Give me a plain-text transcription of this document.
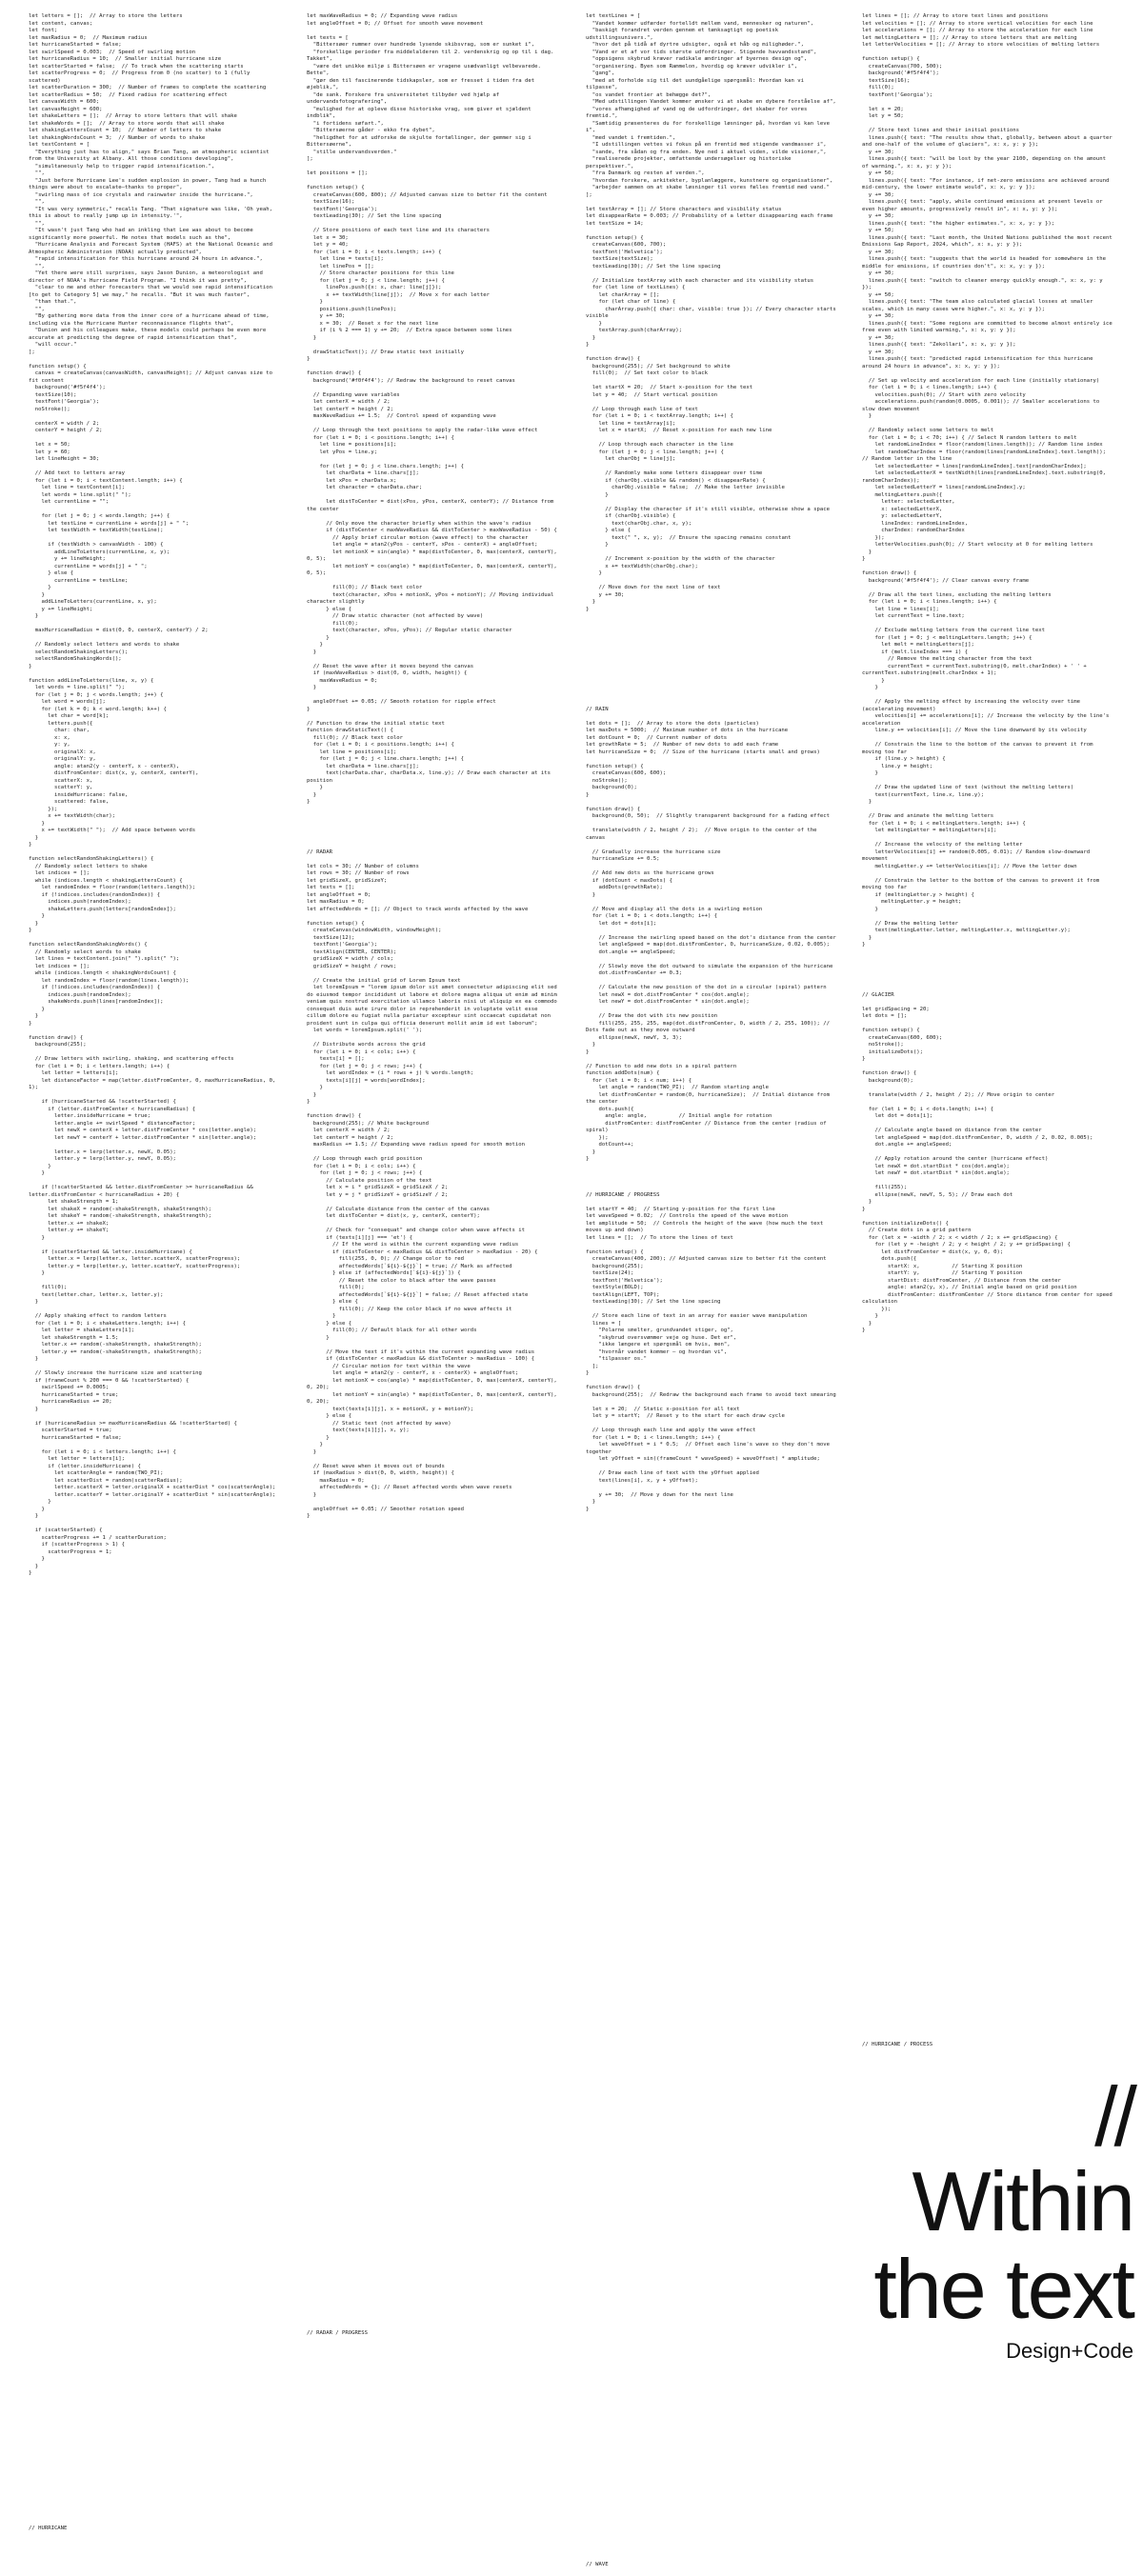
let letters = [];  // Array to store the letters
let content, canvas;
let font;
let maxRadius = 0;  // Maximum radius
let hurricaneStarted = false;
let swirlSpeed = 0.003;  // Speed of swirling motion
let hurricaneRadius = 10;  // Smaller initial hurricane size
let scatterStarted = false;  // To track when the scattering starts
let scatterProgress = 0;  // Progress from 0 (no scatter) to 1 (fully scattered)
let scatterDuration = 300;  // Number of frames to complete the scattering
let scatterRadius = 50;  // Fixed radius for scattering effect
let canvasWidth = 600;
let canvasHeight = 600;
let shakeLetters = [];  // Array to store letters that will shake
let shakeWords = [];  // Array to store words that will shake
let shakingLettersCount = 10;  // Number of letters to shake
let shakingWordsCount = 3;  // Number of words to shake
let textContent = [
"Everything just has to align," says Brian Tang, an atmospheric scientist from the University at Albany. All those conditions developing",
"simultaneously help to trigger rapid intensification.",
"",
"Just before Hurricane Lee's sudden explosion in power, Tang had a hunch things were about to escalate—thanks to proper",
"swirling mass of ice crystals and rainwater inside the hurricane.",
"",
"It was very symmetric," recalls Tang. "That signature was like, 'Oh yeah, this is about to really jump up in intensity.'",
"",
"It wasn't just Tang who had an inkling that Lee was about to become significantly more powerful. He notes that models such as the",
"Hurricane Analysis and Forecast System (HAFS) at the National Oceanic and Atmospheric Administration (NOAA) actually predicted",
"rapid intensification for this hurricane around 24 hours in advance.",
"",
"Yet there were still surprises, says Jason Dunion, a meteorologist and director of NOAA's Hurricane Field Program. "I think it was pretty",
"clear to me and other forecasters that we would see rapid intensification [to get to Category 5] we may," he recalls. "But it was much faster",
"than that.",
"",
"By gathering more data from the inner core of a hurricane ahead of time, including via the Hurricane Hunter reconnaissance flights that",
"Dunion and his colleagues make, these models could perhaps be even more accurate at predicting the degree of rapid intensification that",
"will occur."
];

function setup() {
canvas = createCanvas(canvasWidth, canvasHeight); // Adjust canvas size to fit content
background('#f5f4f4');
textSize(10);
textFont('Georgia');
noStroke();

centerX = width / 2;
centerY = height / 2;

let x = 50;
let y = 60;
let lineHeight = 30;

// Add text to letters array
for (let i = 0; i < textContent.length; i++) {
let line = textContent[i];
let words = line.split(" ");
let currentLine = "";

for (let j = 0; j < words.length; j++) {
let testLine = currentLine + words[j] + " ";
let testWidth = textWidth(testLine);

if (testWidth > canvasWidth - 100) {
addLineToLetters(currentLine, x, y);
y += lineHeight;
currentLine = words[j] + " ";
} else {
currentLine = testLine;
}
}
addLineToLetters(currentLine, x, y);
y += lineHeight;
}

maxHurricaneRadius = dist(0, 0, centerX, centerY) / 2;

// Randomly select letters and words to shake
selectRandomShakingLetters();
selectRandomShakingWords();
}

function addLineToLetters(line, x, y) {
let words = line.split(" ");
for (let j = 0; j < words.length; j++) {
let word = words[j];
for (let k = 0; k < word.length; k++) {
let char = word[k];
letters.push({
char: char,
x: x,
y: y,
originalX: x,
originalY: y,
angle: atan2(y - centerY, x - centerX),
distFromCenter: dist(x, y, centerX, centerY),
scatterX: x,
scatterY: y,
insideHurricane: false,
scattered: false,
});
x += textWidth(char);
}
x += textWidth(" ");  // Add space between words
}
}

function selectRandomShakingLetters() {
// Randomly select letters to shake
let indices = [];
while (indices.length < shakingLettersCount) {
let randomIndex = floor(random(letters.length));
if (!indices.includes(randomIndex)) {
indices.push(randomIndex);
shakeLetters.push(letters[randomIndex]);
}
}
}

function selectRandomShakingWords() {
// Randomly select words to shake
let lines = textContent.join(" ").split(" ");
let indices = [];
while (indices.length < shakingWordsCount) {
let randomIndex = floor(random(lines.length));
if (!indices.includes(randomIndex)) {
indices.push(randomIndex);
shakeWords.push(lines[randomIndex]);
}
}
}

function draw() {
background(255);

// Draw letters with swirling, shaking, and scattering effects
for (let i = 0; i < letters.length; i++) {
let letter = letters[i];
let distanceFactor = map(letter.distFromCenter, 0, maxHurricaneRadius, 0, 1);

if (hurricaneStarted && !scatterStarted) {
if (letter.distFromCenter < hurricaneRadius) {
letter.insideHurricane = true;
letter.angle += swirlSpeed * distanceFactor;
let newX = centerX + letter.distFromCenter * cos(letter.angle);
let newY = centerY + letter.distFromCenter * sin(letter.angle);

letter.x = lerp(letter.x, newX, 0.05);
letter.y = lerp(letter.y, newY, 0.05);
}
}

if (!scatterStarted && letter.distFromCenter >= hurricaneRadius && letter.distFromCenter < hurricaneRadius + 20) {
let shakeStrength = 1;
let shakeX = random(-shakeStrength, shakeStrength);
let shakeY = random(-shakeStrength, shakeStrength);
letter.x += shakeX;
letter.y += shakeY;
}

if (scatterStarted && letter.insideHurricane) {
letter.x = lerp(letter.x, letter.scatterX, scatterProgress);
letter.y = lerp(letter.y, letter.scatterY, scatterProgress);
}

fill(0);
text(letter.char, letter.x, letter.y);
}

// Apply shaking effect to random letters
for (let i = 0; i < shakeLetters.length; i++) {
let letter = shakeLetters[i];
let shakeStrength = 1.5;
letter.x += random(-shakeStrength, shakeStrength);
letter.y += random(-shakeStrength, shakeStrength);
}

// Slowly increase the hurricane size and scattering
if (frameCount % 200 === 0 && !scatterStarted) {
swirlSpeed += 0.0005;
hurricaneStarted = true;
hurricaneRadius += 20;
}

if (hurricaneRadius >= maxHurricaneRadius && !scatterStarted) {
scatterStarted = true;
hurricaneStarted = false;

for (let i = 0; i < letters.length; i++) {
let letter = letters[i];
if (letter.insideHurricane) {
let scatterAngle = random(TWO_PI);
let scatterDist = random(scatterRadius);
letter.scatterX = letter.originalX + scatterDist * cos(scatterAngle);
letter.scatterY = letter.originalY + scatterDist * sin(scatterAngle);
}
}
}

if (scatterStarted) {
scatterProgress += 1 / scatterDuration;
if (scatterProgress > 1) {
scatterProgress = 1;
}
}
}
let maxWaveRadius = 0; // Expanding wave radius
let angleOffset = 0; // Offset for smooth wave movement

let texts = [
"Bittersøer rummer over hundrede lysende skibsvrag, som er sunket i",
"forskellige perioder fra middelalderen til 2. verdenskrig og op til i dag. Takket",
"være det unikke miljø i Bittersøen er vragene usædvanligt velbevarede. Bette",
"gør den til fascinerende tidskapsler, som er fresset i tiden fra det øjeblik,",
"de sank. Forskere fra universitetet tilbyder ved hjælp af undervandsfotografering",
"mulighed for at opleve disse historiske vrag, som giver et sjældent indblik",
"i fortidens søfart.",
"Bittersøerne gåder - ekko fra dybet",
"heligdhet for at udforske de skjulte fortællinger, der gemmer sig i Bittersøerne",
"stille undervandsverden."
];

let positions = [];

function setup() {
createCanvas(600, 800); // Adjusted canvas size to better fit the content
textSize(16);
textFont('Georgia');
textLeading(30); // Set the line spacing

// Store positions of each text line and its characters
let x = 30;
let y = 40;
for (let i = 0; i < texts.length; i++) {
let line = texts[i];
let linePos = [];
// Store character positions for this line
for (let j = 0; j < line.length; j++) {
linePos.push({x: x, char: line[j]});
x += textWidth(line[j]);  // Move x for each letter
}
positions.push(linePos);
y += 30;
x = 30;  // Reset x for the next line
if (i % 2 === 1) y += 20;  // Extra space between some lines
}

drawStaticText(); // Draw static text initially
}

function draw() {
background('#f0f4f4'); // Redraw the background to reset canvas

// Expanding wave variables
let centerX = width / 2;
let centerY = height / 2;
maxWaveRadius += 1.5;  // Control speed of expanding wave

// Loop through the text positions to apply the radar-like wave effect
for (let i = 0; i < positions.length; i++) {
let line = positions[i];
let yPos = line.y;

for (let j = 0; j < line.chars.length; j++) {
let charData = line.chars[j];
let xPos = charData.x;
let character = charData.char;

let distToCenter = dist(xPos, yPos, centerX, centerY); // Distance from the center

// Only move the character briefly when within the wave's radius
if (distToCenter < maxWaveRadius && distToCenter > maxWaveRadius - 50) {
// Apply brief circular motion (wave effect) to the character
let angle = atan2(yPos - centerY, xPos - centerX) + angleOffset;
let motionX = sin(angle) * map(distToCenter, 0, max(centerX, centerY), 0, 5);
let motionY = cos(angle) * map(distToCenter, 0, max(centerX, centerY), 0, 5);

fill(0); // Black text color
text(character, xPos + motionX, yPos + motionY); // Moving individual character slightly
} else {
// Draw static character (not affected by wave)
fill(0);
text(character, xPos, yPos); // Regular static character
}
}
}

// Reset the wave after it moves beyond the canvas
if (maxWaveRadius > dist(0, 0, width, height)) {
maxWaveRadius = 0;
}

angleOffset += 0.05; // Smooth rotation for ripple effect
}

// Function to draw the initial static text
function drawStaticText() {
fill(0); // Black text color
for (let i = 0; i < positions.length; i++) {
let line = positions[i];
for (let j = 0; j < line.chars.length; j++) {
let charData = line.chars[j];
text(charData.char, charData.x, line.y); // Draw each character at its position
}
}
}

// RADAR

let cols = 30; // Number of columns
let rows = 30; // Number of rows
let gridSizeX, gridSizeY;
let texts = [];
let angleOffset = 0;
let maxRadius = 0;
let affectedWords = []; // Object to track words affected by the wave

function setup() {
createCanvas(windowWidth, windowHeight);
textSize(12);
textFont('Georgia');
textAlign(CENTER, CENTER);
gridSizeX = width / cols;
gridSizeY = height / rows;

// Create the initial grid of Lorem Ipsum text
let loremIpsum = "lorem ipsum dolor sit amet consectetur adipiscing elit sed do eiusmod tempor incididunt ut labore et dolore magna aliqua ut enim ad minim veniam quis nostrud exercitation ullamco laboris nisi ut aliquip ex ea commodo consequat duis aute irure dolor in reprehenderit in voluptate velit esse cillum dolore eu fugiat nulla pariatur excepteur sint occaecat cupidatat non proident sunt in culpa qui officia deserunt mollit anim id est laborum";
let words = loremIpsum.split(' ');

// Distribute words across the grid
for (let i = 0; i < cols; i++) {
texts[i] = [];
for (let j = 0; j < rows; j++) {
let wordIndex = (i * rows + j) % words.length;
texts[i][j] = words[wordIndex];
}
}
}

function draw() {
background(255); // White background
let centerX = width / 2;
let centerY = height / 2;
maxRadius += 1.5; // Expanding wave radius speed for smooth motion

// Loop through each grid position
for (let i = 0; i < cols; i++) {
for (let j = 0; j < rows; j++) {
// Calculate position of the text
let x = i * gridSizeX + gridSizeX / 2;
let y = j * gridSizeY + gridSizeY / 2;

// Calculate distance from the center of the canvas
let distToCenter = dist(x, y, centerX, centerY);

// Check for "consequat" and change color when wave affects it
if (texts[i][j] === 'et') {
// If the word is within the current expanding wave radius
if (distToCenter < maxRadius && distToCenter > maxRadius - 20) {
fill(255, 0, 0); // Change color to red
affectedWords[`${i}-${j}`] = true; // Mark as affected
} else if (affectedWords[`${i}-${j}`]) {
// Reset the color to black after the wave passes
fill(0);
affectedWords[`${i}-${j}`] = false; // Reset affected state
} else {
fill(0); // Keep the color black if no wave affects it
}
} else {
fill(0); // Default black for all other words
}

// Move the text if it's within the current expanding wave radius
if (distToCenter < maxRadius && distToCenter > maxRadius - 100) {
// Circular motion for text within the wave
let angle = atan2(y - centerY, x - centerX) + angleOffset;
let motionX = cos(angle) * map(distToCenter, 0, max(centerX, centerY), 0, 20);
let motionY = sin(angle) * map(distToCenter, 0, max(centerX, centerY), 0, 20);
text(texts[i][j], x + motionX, y + motionY);
} else {
// Static text (not affected by wave)
text(texts[i][j], x, y);
}
}
}

// Reset wave when it moves out of bounds
if (maxRadius > dist(0, 0, width, height)) {
maxRadius = 0;
affectedWords = {}; // Reset affected words when wave resets
}

angleOffset += 0.05; // Smoother rotation speed
}
let textLines = [
"Vandet kommer udfærder fortelldt mellem vand, mennesker og naturen",
"baskigt forandret verden gennem et tænksagtigt og poetisk udstillingsunivers.",
"hvor det på tidå af dyrtre udsigter, også et håb og milighøder.",
"Vand er et af vor tids største udfordringer. Stigende havvandsstand",
"oppsigens skybrud kræver radikale ændringer af byernes design og",
"organisering. Byen som Rammelon, hvordig og kræver udvikler i",
"gang",
"med at forholde sig til det uundgåelige spørgsmål: Hvordan kan vi tilpasse",
"os vandet frontier at behægge det?",
"Med udstillingen Vandet kommer ønsker vi at skabe en dybere forståelse af",
"vores afhængighed af vand og de udfordringer, det skaber for vores fremtid.",
"Samtidig præsenteres du for forskellige løsninger på, hvordan vi kan leve i",
"med vandet i fremtiden.",
"I udstillingen vettes vi fokus på en frentid med stigende vandmasser i",
"sande, fra sådan og fra enden. Nye ned i aktuel viden, vilde visioner,",
"realiserede projekter, omfattende undersøgelser og historiske perspektiver.",
"fra Danmark og resten af verden.",
"hvordan forskere, arkitekter, byplanlæggere, kunstnere og organisationer",
"arbejder sammen om at skabe løsninger til vores fælles fremtid med vand."
];

let textArray = []; // Store characters and visibility status
let disappearRate = 0.003; // Probability of a letter disappearing each frame
let textSize = 14;

function setup() {
createCanvas(600, 700);
textFont('Helvetica');
textSize(textSize);
textLeading(30); // Set the line spacing

// Initialize textArray with each character and its visibility status
for (let line of textLines) {
let charArray = [];
for (let char of line) {
charArray.push({ char: char, visible: true }); // Every character starts visible
}
textArray.push(charArray);
}
}

function draw() {
background(255); // Set background to white
fill(0);  // Set text color to black

let startX = 20;  // Start x-position for the text
let y = 40;  // Start vertical position

// Loop through each line of text
for (let i = 0; i < textArray.length; i++) {
let line = textArray[i];
let x = startX;  // Reset x-position for each new line

// Loop through each character in the line
for (let j = 0; j < line.length; j++) {
let charObj = line[j];

// Randomly make some letters disappear over time
if (charObj.visible && random() < disappearRate) {
charObj.visible = false;  // Make the letter invisible
}

// Display the character if it's still visible, otherwise show a space
if (charObj.visible) {
text(charObj.char, x, y);
} else {
text(" ", x, y);  // Ensure the spacing remains constant
}

// Increment x-position by the width of the character
x += textWidth(charObj.char);
}

// Move down for the next line of text
y += 30;
}
}

// RAIN

let dots = [];  // Array to store the dots (particles)
let maxDots = 5000;  // Maximum number of dots in the hurricane
let dotCount = 0;  // Current number of dots
let growthRate = 5;  // Number of new dots to add each frame
let hurricaneSize = 0;  // Size of the hurricane (starts small and grows)

function setup() {
createCanvas(600, 600);
noStroke();
background(0);
}

function draw() {
background(0, 50);  // Slightly transparent background for a fading effect

translate(width / 2, height / 2);  // Move origin to the center of the canvas

// Gradually increase the hurricane size
hurricaneSize += 0.5;

// Add new dots as the hurricane grows
if (dotCount < maxDots) {
addDots(growthRate);
}

// Move and display all the dots in a swirling motion
for (let i = 0; i < dots.length; i++) {
let dot = dots[i];

// Increase the swirling speed based on the dot's distance from the center
let angleSpeed = map(dot.distFromCenter, 0, hurricaneSize, 0.02, 0.005);
dot.angle += angleSpeed;

// Slowly move the dot outward to simulate the expansion of the hurricane
dot.distFromCenter += 0.3;

// Calculate the new position of the dot in a circular (spiral) pattern
let newX = dot.distFromCenter * cos(dot.angle);
let newY = dot.distFromCenter * sin(dot.angle);

// Draw the dot with its new position
fill(255, 255, 255, map(dot.distFromCenter, 0, width / 2, 255, 100)); // Dots fade out as they move outward
ellipse(newX, newY, 3, 3);
}
}

// Function to add new dots in a spiral pattern
function addDots(num) {
for (let i = 0; i < num; i++) {
let angle = random(TWO_PI);  // Random starting angle
let distFromCenter = random(0, hurricaneSize);  // Initial distance from the center
dots.push({
angle: angle,          // Initial angle for rotation
distFromCenter: distFromCenter // Distance from the center (radius of spiral)
});
dotCount++;
}
}

// HURRICANE / PROGRESS

let startY = 40;  // Starting y-position for the first line
let waveSpeed = 0.02;  // Controls the speed of the wave motion
let amplitude = 50;  // Controls the height of the wave (how much the text moves up and down)
let lines = [];  // To store the lines of text

function setup() {
createCanvas(400, 200); // Adjusted canvas size to better fit the content
background(255);
textSize(24);
textFont('Helvetica');
textStyle(BOLD);
textAlign(LEFT, TOP);
textLeading(30); // Set the line spacing

// Store each line of text in an array for easier wave manipulation
lines = [
"Polarne smelter, grundvandet stiger, og",
"skybrud oversvømmer veje og huse. Det er",
"ikke længere et spørgsmål om hvis, men",
"hvornår vandet kommer – og hvordan vi",
"tilpasser os."
];
}

function draw() {
background(255);  // Redraw the background each frame to avoid text smearing

let x = 20;  // Static x-position for all text
let y = startY;  // Reset y to the start for each draw cycle

// Loop through each line and apply the wave effect
for (let i = 0; i < lines.length; i++) {
let waveOffset = i * 0.5;  // Offset each line's wave so they don't move together
let yOffset = sin((frameCount * waveSpeed) + waveOffset) * amplitude;

// Draw each line of text with the yOffset applied
text(lines[i], x, y + yOffset);

y += 30;  // Move y down for the next line
}
}
let lines = []; // Array to store text lines and positions
let velocities = []; // Array to store vertical velocities for each line
let accelerations = []; // Array to store the acceleration for each line
let meltingLetters = []; // Array to store letters that are melting
let letterVelocities = []; // Array to store velocities of melting letters

function setup() {
createCanvas(700, 500);
background('#f5f4f4');
textSize(16);
fill(0);
textFont('Georgia');

let x = 20;
let y = 50;

// Store text lines and their initial positions
lines.push({ text: "The results show that, globally, between about a quarter and one-half of the volume of glaciers", x: x, y: y });
y += 30;
lines.push({ text: "will be lost by the year 2100, depending on the amount of warming.", x: x, y: y });
y += 50;
lines.push({ text: "For instance, if net-zero emissions are achieved around mid-century, the lower estimate would", x: x, y: y });
y += 30;
lines.push({ text: "apply, while continued emissions at present levels or even higher amounts, progressively result in", x: x, y: y });
y += 30;
lines.push({ text: "the higher estimates.", x: x, y: y });
y += 50;
lines.push({ text: "Last month, the United Nations published the most recent Emissions Gap Report, 2024, which", x: x, y: y });
y += 30;
lines.push({ text: "suggests that the world is headed for somewhere in the middle for emissions, if countries don't", x: x, y: y });
y += 30;
lines.push({ text: "switch to cleaner energy quickly enough.", x: x, y: y });
y += 50;
lines.push({ text: "The team also calculated glacial losses at smaller scales, which in many cases were higher.", x: x, y: y });
y += 30;
lines.push({ text: "Some regions are committed to become almost entirely ice free even with limited warming,", x: x, y: y });
y += 30;
lines.push({ text: "Zekollari", x: x, y: y });
y += 30;
lines.push({ text: "predicted rapid intensification for this hurricane around 24 hours in advance", x: x, y: y });

// Set up velocity and acceleration for each line (initially stationary)
for (let i = 0; i < lines.length; i++) {
velocities.push(0); // Start with zero velocity
accelerations.push(random(0.0005, 0.001)); // Smaller accelerations to slow down movement
}

// Randomly select some letters to melt
for (let i = 0; i < 70; i++) { // Select N random letters to melt
let randomLineIndex = floor(random(lines.length)); // Random line index
let randomCharIndex = floor(random(lines[randomLineIndex].text.length)); // Random letter in the line
let selectedLetter = lines[randomLineIndex].text[randomCharIndex];
let selectedLetterX = textWidth(lines[randomLineIndex].text.substring(0, randomCharIndex));
let selectedLetterY = lines[randomLineIndex].y;
meltingLetters.push({
letter: selectedLetter,
x: selectedLetterX,
y: selectedLetterY,
lineIndex: randomLineIndex,
charIndex: randomCharIndex
});
letterVelocities.push(0); // Start velocity at 0 for melting letters
}
}

function draw() {
background('#f5f4f4'); // Clear canvas every frame

// Draw all the text lines, excluding the melting letters
for (let i = 0; i < lines.length; i++) {
let line = lines[i];
let currentText = line.text;

// Exclude melting letters from the current line text
for (let j = 0; j < meltingLetters.length; j++) {
let melt = meltingLetters[j];
if (melt.lineIndex === i) {
// Remove the melting character from the text
currentText = currentText.substring(0, melt.charIndex) + ' ' + currentText.substring(melt.charIndex + 1);
}
}

// Apply the melting effect by increasing the velocity over time (accelerating movement)
velocities[i] += accelerations[i]; // Increase the velocity by the line's acceleration
line.y += velocities[i]; // Move the line downward by its velocity

// Constrain the line to the bottom of the canvas to prevent it from moving too far
if (line.y > height) {
line.y = height;
}

// Draw the updated line of text (without the melting letters)
text(currentText, line.x, line.y);
}

// Draw and animate the melting letters
for (let i = 0; i < meltingLetters.length; i++) {
let meltingLetter = meltingLetters[i];

// Increase the velocity of the melting letter
letterVelocities[i] += random(0.005, 0.01); // Random slow-downward movement
meltingLetter.y += letterVelocities[i]; // Move the letter down

// Constrain the letter to the bottom of the canvas to prevent it from moving too far
if (meltingLetter.y > height) {
meltingLetter.y = height;
}

// Draw the melting letter
text(meltingLetter.letter, meltingLetter.x, meltingLetter.y);
}
}

// GLACIER

let gridSpacing = 20;
let dots = [];

function setup() {
createCanvas(600, 600);
noStroke();
initializeDots();
}

function draw() {
background(0);

translate(width / 2, height / 2); // Move origin to center

for (let i = 0; i < dots.length; i++) {
let dot = dots[i];

// Calculate angle based on distance from the center
let angleSpeed = map(dot.distFromCenter, 0, width / 2, 0.02, 0.005);
dot.angle += angleSpeed;

// Apply rotation around the center (hurricane effect)
let newX = dot.startDist * cos(dot.angle);
let newY = dot.startDist * sin(dot.angle);

fill(255);
ellipse(newX, newY, 5, 5); // Draw each dot
}
}

function initializeDots() {
// Create dots in a grid pattern
for (let x = -width / 2; x < width / 2; x += gridSpacing) {
for (let y = -height / 2; y < height / 2; y += gridSpacing) {
let distFromCenter = dist(x, y, 0, 0);
dots.push({
startX: x,          // Starting X position
startY: y,          // Starting Y position
startDist: distFromCenter, // Distance from the center
angle: atan2(y, x), // Initial angle based on grid position
distFromCenter: distFromCenter // Store distance from center for speed calculation
});
}
}
}
// HURRICANE
// RADAR / PROGRESS
// WAVE
// HURRICANE / PROCESS
//
Within
the text
Design+Code
